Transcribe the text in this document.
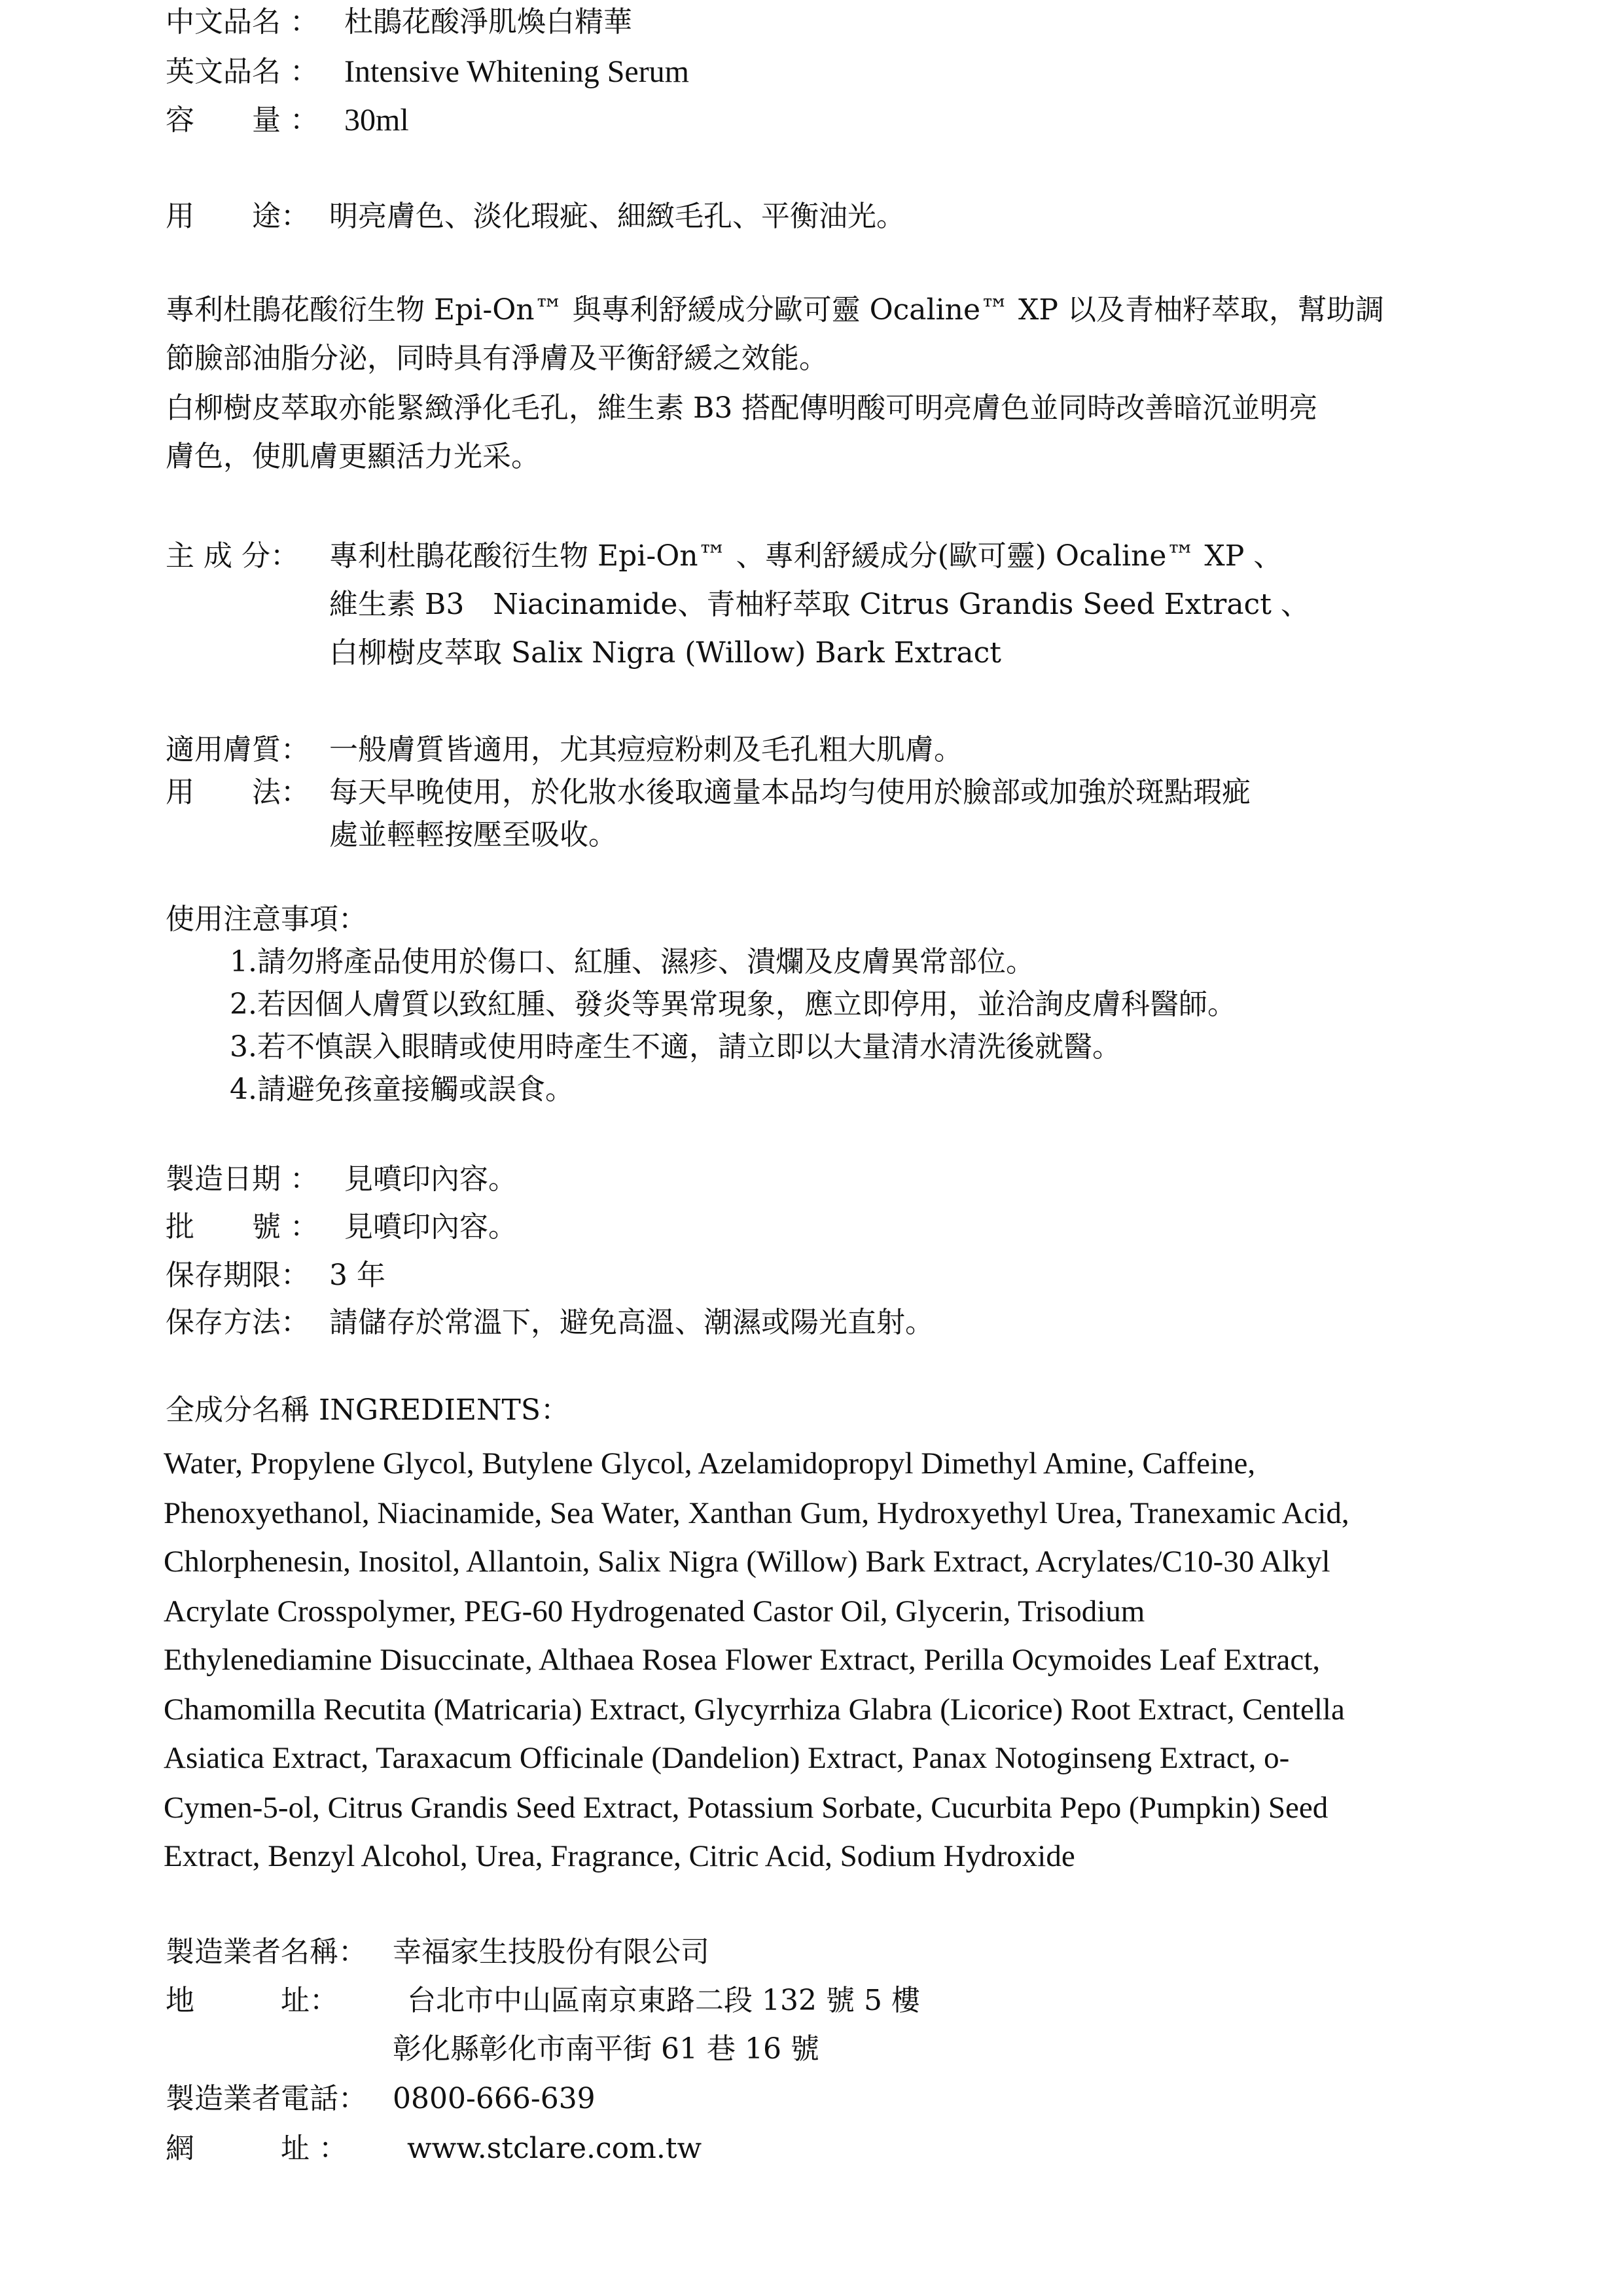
中文品名 ： 杜鵑花酸淨肌煥白精華
英文品名 ： Intensive Whitening Serum
容　　量 ： 30ml
用　　途： 明亮膚色、淡化瑕疵、細緻毛孔、平衡油光。
專利杜鵑花酸衍生物 Epi-On™ 與專利舒緩成分歐可靈 Ocaline™ XP 以及青柚籽萃取，幫助調
節臉部油脂分泌，同時具有淨膚及平衡舒緩之效能。
白柳樹皮萃取亦能緊緻淨化毛孔，維生素 B3 搭配傳明酸可明亮膚色並同時改善暗沉並明亮
膚色，使肌膚更顯活力光采。
主 成 分： 專利杜鵑花酸衍生物 Epi-On™ 、專利舒緩成分(歐可靈) Ocaline™ XP 、
維生素 B3　Niacinamide、青柚籽萃取 Citrus Grandis Seed Extract 、
白柳樹皮萃取 Salix Nigra (Willow) Bark Extract
適用膚質： 一般膚質皆適用，尤其痘痘粉刺及毛孔粗大肌膚。
用　　法： 每天早晚使用，於化妝水後取適量本品均勻使用於臉部或加強於斑點瑕疵
處並輕輕按壓至吸收。
使用注意事項：
1.請勿將產品使用於傷口、紅腫、濕疹、潰爛及皮膚異常部位。
2.若因個人膚質以致紅腫、發炎等異常現象，應立即停用，並洽詢皮膚科醫師。
3.若不慎誤入眼睛或使用時產生不適，請立即以大量清水清洗後就醫。
4.請避免孩童接觸或誤食。
製造日期 ： 見噴印內容。
批　　號 ： 見噴印內容。
保存期限： 3 年
保存方法： 請儲存於常溫下，避免高溫、潮濕或陽光直射。
全成分名稱 INGREDIENTS：
Water, Propylene Glycol, Butylene Glycol, Azelamidopropyl Dimethyl Amine, Caffeine,
Phenoxyethanol, Niacinamide, Sea Water, Xanthan Gum, Hydroxyethyl Urea, Tranexamic Acid,
Chlorphenesin, Inositol, Allantoin, Salix Nigra (Willow) Bark Extract, Acrylates/C10-30 Alkyl
Acrylate Crosspolymer, PEG-60 Hydrogenated Castor Oil, Glycerin, Trisodium
Ethylenediamine Disuccinate, Althaea Rosea Flower Extract, Perilla Ocymoides Leaf Extract,
Chamomilla Recutita (Matricaria) Extract, Glycyrrhiza Glabra (Licorice) Root Extract, Centella
Asiatica Extract, Taraxacum Officinale (Dandelion) Extract, Panax Notoginseng Extract, o-
Cymen-5-ol, Citrus Grandis Seed Extract, Potassium Sorbate, Cucurbita Pepo (Pumpkin) Seed
Extract, Benzyl Alcohol, Urea, Fragrance, Citric Acid, Sodium Hydroxide
製造業者名稱： 幸福家生技股份有限公司
地　　　址： 台北市中山區南京東路二段 132 號 5 樓
彰化縣彰化市南平街 61 巷 16 號
製造業者電話： 0800-666-639
網　　　址 ： www.stclare.com.tw
